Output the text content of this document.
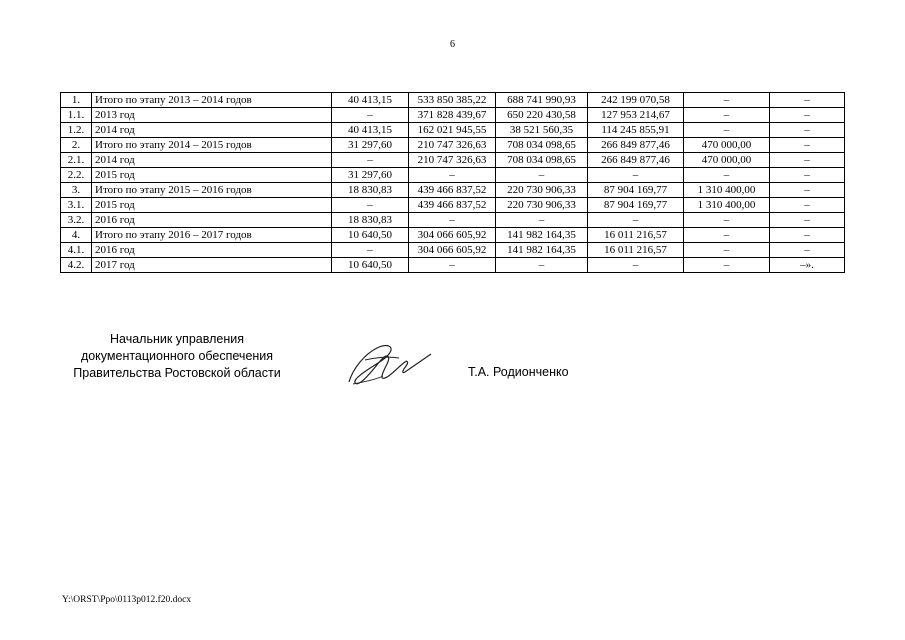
6
1.	Итого по этапу 2013 – 2014 годов	40 413,15	533 850 385,22	688 741 990,93	242 199 070,58	–	–
1.1.	2013 год	–	371 828 439,67	650 220 430,58	127 953 214,67	–	–
1.2.	2014 год	40 413,15	162 021 945,55	38 521 560,35	114 245 855,91	–	–
2.	Итого по этапу 2014 – 2015 годов	31 297,60	210 747 326,63	708 034 098,65	266 849 877,46	470 000,00	–
2.1.	2014 год	–	210 747 326,63	708 034 098,65	266 849 877,46	470 000,00	–
2.2.	2015 год	31 297,60	–	–	–	–	–
3.	Итого по этапу 2015 – 2016 годов	18 830,83	439 466 837,52	220 730 906,33	87 904 169,77	1 310 400,00	–
3.1.	2015 год	–	439 466 837,52	220 730 906,33	87 904 169,77	1 310 400,00	–
3.2.	2016 год	18 830,83	–	–	–	–	–
4.	Итого по этапу 2016 – 2017 годов	10 640,50	304 066 605,92	141 982 164,35	16 011 216,57	–	–
4.1.	2016 год	–	304 066 605,92	141 982 164,35	16 011 216,57	–	–
4.2.	2017 год	10 640,50	–	–	–	–	–».
Начальник управления
документационного обеспечения
Правительства Ростовской области	Т.А. Родионченко
Y:\ORST\Ppo\0113p012.f20.docx
